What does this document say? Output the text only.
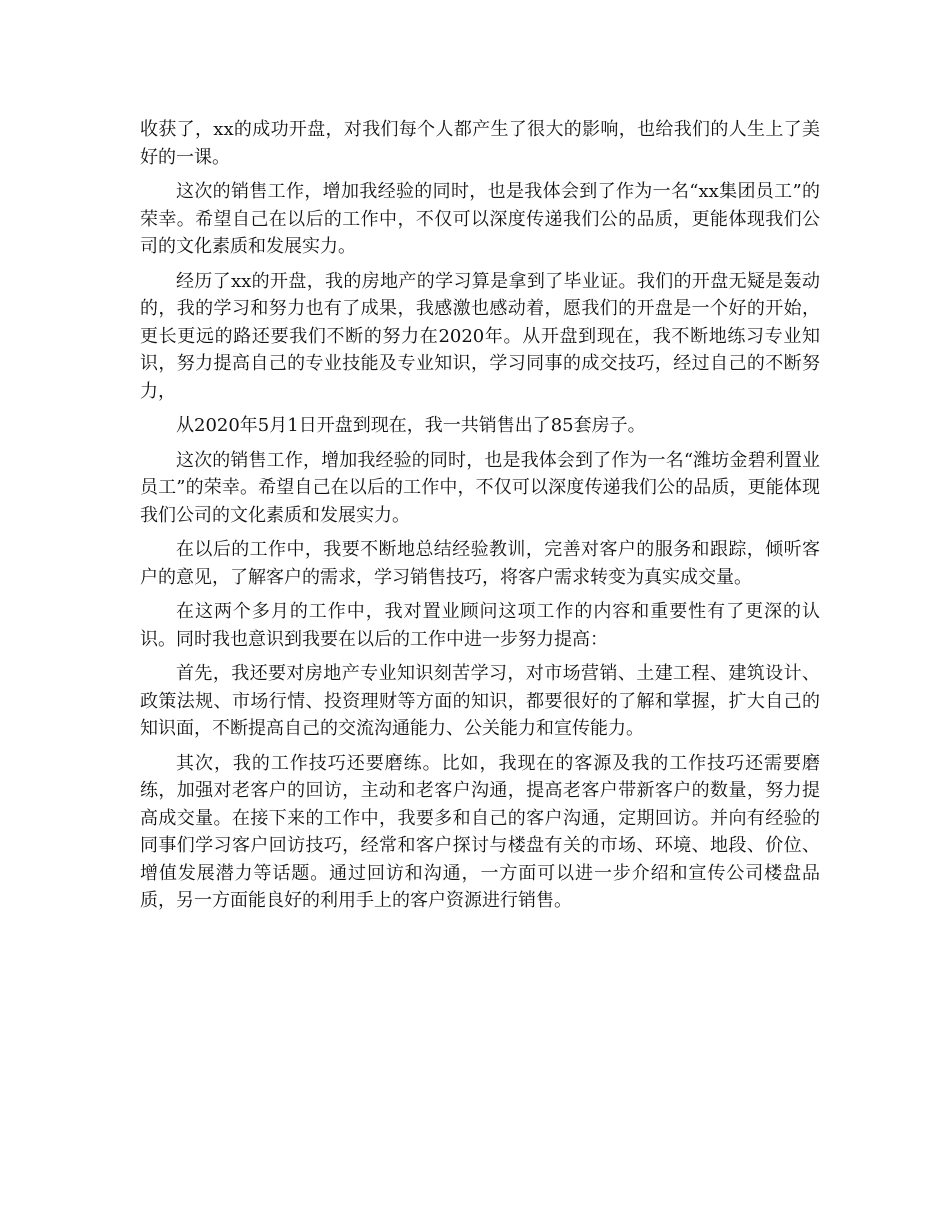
收获了，xx的成功开盘，对我们每个人都产生了很大的影响，也给我们的人生上了美好的一课。

这次的销售工作，增加我经验的同时，也是我体会到了作为一名“xx集团员工”的荣幸。希望自己在以后的工作中，不仅可以深度传递我们公的品质，更能体现我们公司的文化素质和发展实力。

经历了xx的开盘，我的房地产的学习算是拿到了毕业证。我们的开盘无疑是轰动的，我的学习和努力也有了成果，我感激也感动着，愿我们的开盘是一个好的开始，更长更远的路还要我们不断的努力在2020年。从开盘到现在，我不断地练习专业知识，努力提高自己的专业技能及专业知识，学习同事的成交技巧，经过自己的不断努力，

从2020年5月1日开盘到现在，我一共销售出了85套房子。

这次的销售工作，增加我经验的同时，也是我体会到了作为一名“潍坊金碧利置业员工”的荣幸。希望自己在以后的工作中，不仅可以深度传递我们公的品质，更能体现我们公司的文化素质和发展实力。

在以后的工作中，我要不断地总结经验教训，完善对客户的服务和跟踪，倾听客户的意见，了解客户的需求，学习销售技巧，将客户需求转变为真实成交量。

在这两个多月的工作中，我对置业顾问这项工作的内容和重要性有了更深的认识。同时我也意识到我要在以后的工作中进一步努力提高：

首先，我还要对房地产专业知识刻苦学习，对市场营销、土建工程、建筑设计、政策法规、市场行情、投资理财等方面的知识，都要很好的了解和掌握，扩大自己的知识面，不断提高自己的交流沟通能力、公关能力和宣传能力。

其次，我的工作技巧还要磨练。比如，我现在的客源及我的工作技巧还需要磨练，加强对老客户的回访，主动和老客户沟通，提高老客户带新客户的数量，努力提高成交量。在接下来的工作中，我要多和自己的客户沟通，定期回访。并向有经验的同事们学习客户回访技巧，经常和客户探讨与楼盘有关的市场、环境、地段、价位、增值发展潜力等话题。通过回访和沟通，一方面可以进一步介绍和宣传公司楼盘品质，另一方面能良好的利用手上的客户资源进行销售。
